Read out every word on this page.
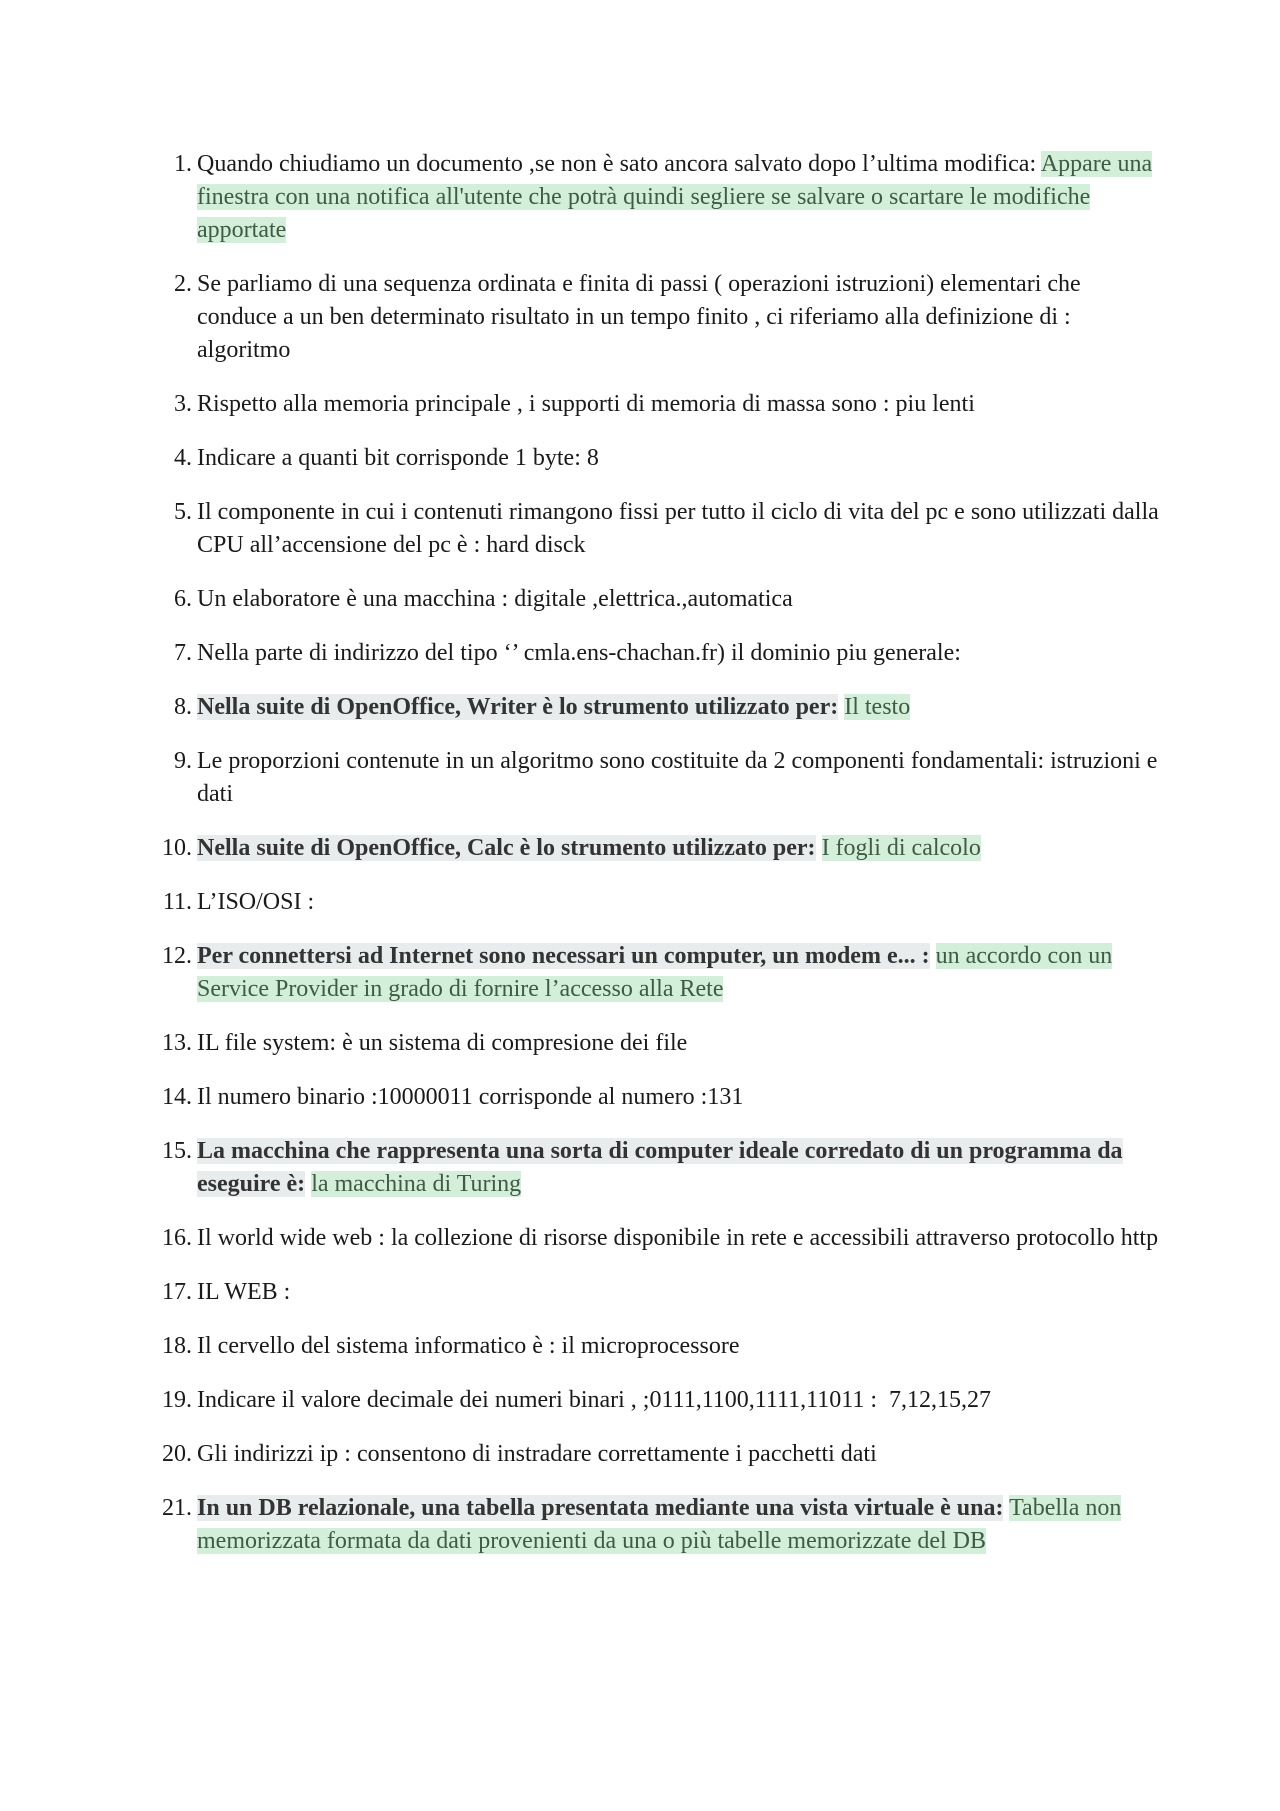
1. Quando chiudiamo un documento ,se non è sato ancora salvato dopo l’ultima modifica: Appare una finestra con una notifica all'utente che potrà quindi segliere se salvare o scartare le modifiche apportate
2. Se parliamo di una sequenza ordinata e finita di passi ( operazioni istruzioni) elementari che conduce a un ben determinato risultato in un tempo finito , ci riferiamo alla definizione di : algoritmo
3. Rispetto alla memoria principale , i supporti di memoria di massa sono : piu lenti
4. Indicare a quanti bit corrisponde 1 byte: 8
5. Il componente in cui i contenuti rimangono fissi per tutto il ciclo di vita del pc e sono utilizzati dalla CPU all’accensione del pc è : hard disck
6. Un elaboratore è una macchina : digitale ,elettrica.,automatica
7. Nella parte di indirizzo del tipo ‘’ cmla.ens-chachan.fr) il dominio piu generale:
8. Nella suite di OpenOffice, Writer è lo strumento utilizzato per: Il testo
9. Le proporzioni contenute in un algoritmo sono costituite da 2 componenti fondamentali: istruzioni e dati
10. Nella suite di OpenOffice, Calc è lo strumento utilizzato per: I fogli di calcolo
11. L’ISO/OSI :
12. Per connettersi ad Internet sono necessari un computer, un modem e... : un accordo con un Service Provider in grado di fornire l’accesso alla Rete
13. IL file system: è un sistema di compresione dei file
14. Il numero binario :10000011 corrisponde al numero :131
15. La macchina che rappresenta una sorta di computer ideale corredato di un programma da eseguire è: la macchina di Turing
16. Il world wide web : la collezione di risorse disponibile in rete e accessibili attraverso protocollo http
17. IL WEB :
18. Il cervello del sistema informatico è : il microprocessore
19. Indicare il valore decimale dei numeri binari , ;0111,1100,1111,11011 : 7,12,15,27
20. Gli indirizzi ip : consentono di instradare correttamente i pacchetti dati
21. In un DB relazionale, una tabella presentata mediante una vista virtuale è una: Tabella non memorizzata formata da dati provenienti da una o più tabelle memorizzate del DB
